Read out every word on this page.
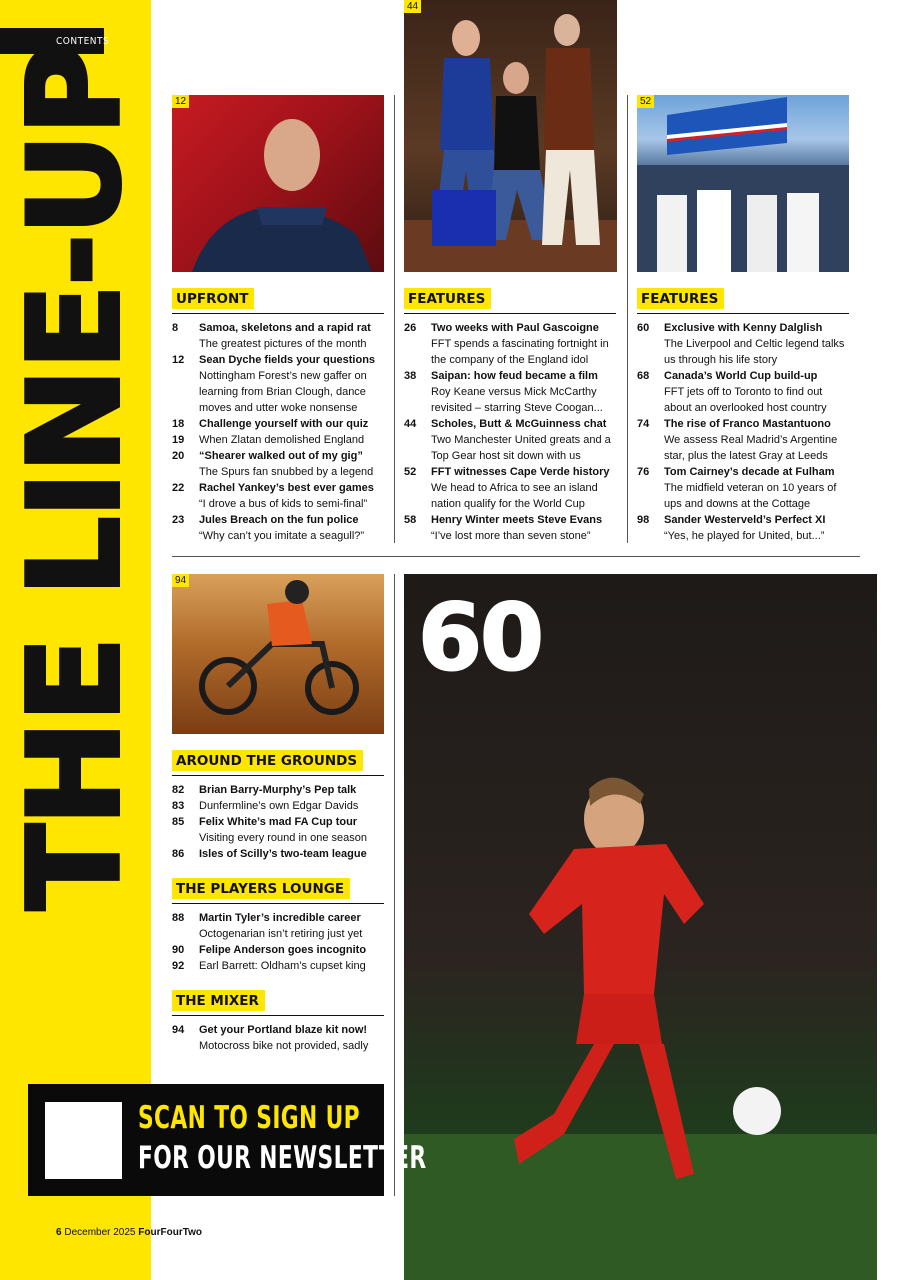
CONTENTS
THE LINE-UP	12
44
52
94
60
UPFRONT
8	Samoa, skeletons and a rapid rat
The greatest pictures of the month
12	Sean Dyche fields your questions
Nottingham Forest’s new gaffer on learning from Brian Clough, dance moves and utter woke nonsense
18	Challenge yourself with our quiz
19	When Zlatan demolished England
20	“Shearer walked out of my gig”
The Spurs fan snubbed by a legend
22	Rachel Yankey’s best ever games
“I drove a bus of kids to semi-final”
23	Jules Breach on the fun police
“Why can’t you imitate a seagull?”
FEATURES
26	Two weeks with Paul Gascoigne
FFT spends a fascinating fortnight in the company of the England idol
38	Saipan: how feud became a film
Roy Keane versus Mick McCarthy revisited – starring Steve Coogan...
44	Scholes, Butt & McGuinness chat
Two Manchester United greats and a Top Gear host sit down with us
52	FFT witnesses Cape Verde history
We head to Africa to see an island nation qualify for the World Cup
58	Henry Winter meets Steve Evans
“I’ve lost more than seven stone”
FEATURES
60	Exclusive with Kenny Dalglish
The Liverpool and Celtic legend talks us through his life story
68	Canada’s World Cup build-up
FFT jets off to Toronto to find out about an overlooked host country
74	The rise of Franco Mastantuono
We assess Real Madrid’s Argentine star, plus the latest Gray at Leeds
76	Tom Cairney’s decade at Fulham
The midfield veteran on 10 years of ups and downs at the Cottage
98	Sander Westerveld’s Perfect XI
“Yes, he played for United, but...”
AROUND THE GROUNDS
82	Brian Barry-Murphy’s Pep talk
83	Dunfermline’s own Edgar Davids
85	Felix White’s mad FA Cup tour
Visiting every round in one season
86	Isles of Scilly’s two-team league
THE PLAYERS LOUNGE
88	Martin Tyler’s incredible career
Octogenarian isn’t retiring just yet
90	Felipe Anderson goes incognito
92	Earl Barrett: Oldham’s cupset king
THE MIXER
94	Get your Portland blaze kit now!
Motocross bike not provided, sadly
SCAN TO SIGN UP
FOR OUR NEWSLETTER
6 December 2025 FourFourTwo
